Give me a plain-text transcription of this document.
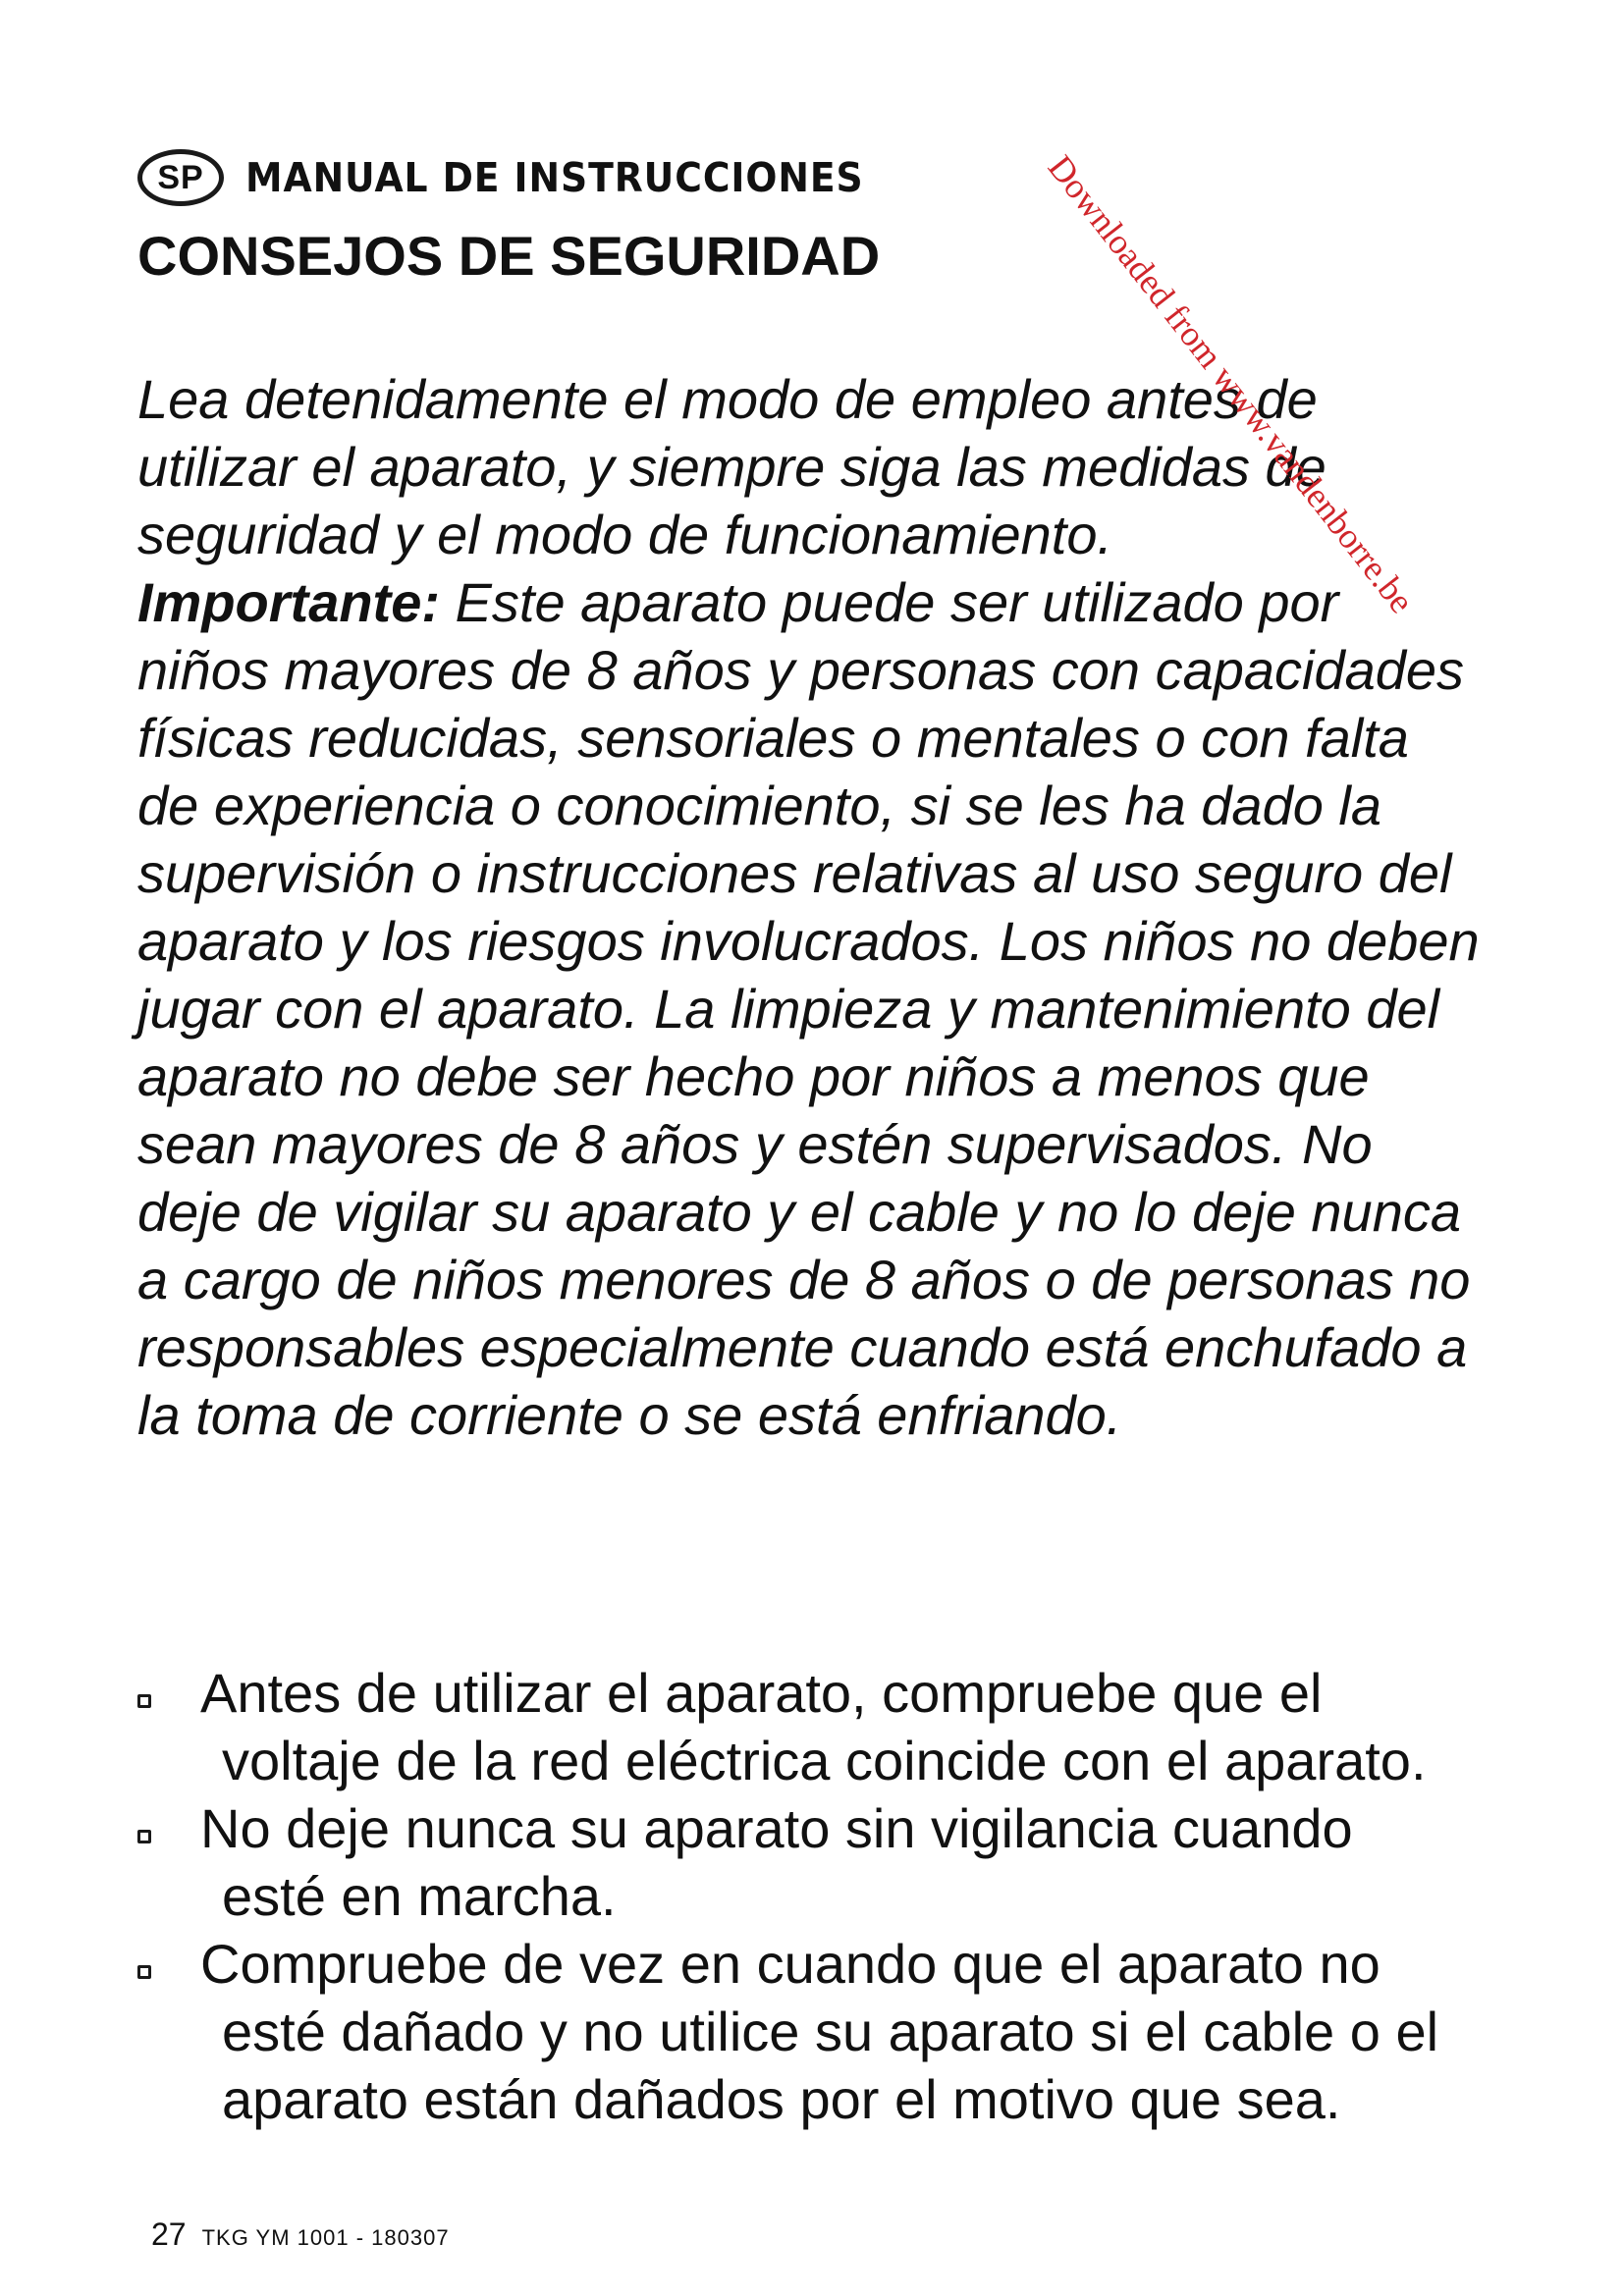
SP	MANUAL DE INSTRUCCIONES
CONSEJOS DE SEGURIDAD

Lea detenidamente el modo de empleo antes de utilizar el aparato, y siempre siga las medidas de seguridad y el modo de funcionamiento.
Importante: Este aparato puede ser utilizado por niños mayores de 8 años y personas con capacidades físicas reducidas, sensoriales o mentales o con falta de experiencia o conocimiento, si se les ha dado la supervisión o instrucciones relativas al uso seguro del aparato y los riesgos involucrados. Los niños no deben jugar con el aparato. La limpieza y mantenimiento del aparato no debe ser hecho por niños a menos que sean mayores de 8 años y estén supervisados. No deje de vigilar su aparato y el cable y no lo deje nunca a cargo de niños menores de 8 años o de personas no responsables especialmente cuando está enchufado a la toma de corriente o se está enfriando.

Antes de utilizar el aparato, compruebe que el
voltaje de la red eléctrica coincide con el aparato.
No deje nunca su aparato sin vigilancia cuando
esté en marcha.
Compruebe de vez en cuando que el aparato no
esté dañado y no utilice su aparato si el cable o el
aparato están dañados por el motivo que sea.
27 TKG YM 1001 - 180307
Downloaded from www.vandenborre.be
